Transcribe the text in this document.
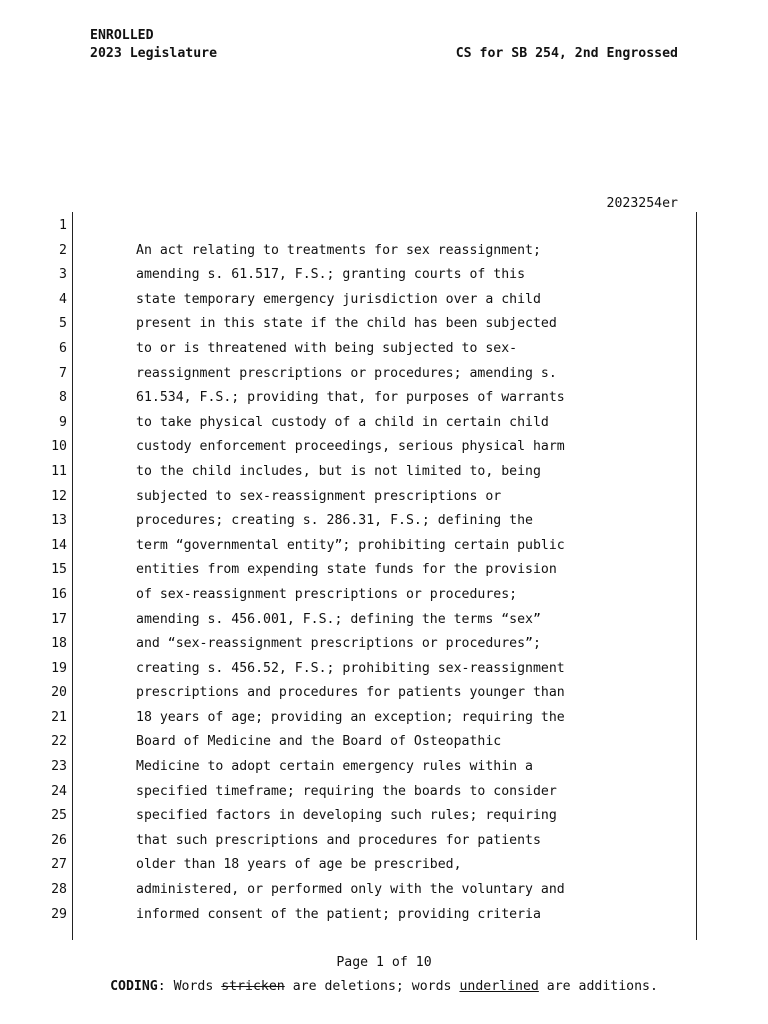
ENROLLED
2023 Legislature	CS for SB 254, 2nd Engrossed
2023254er
1
2	An act relating to treatments for sex reassignment;
3	amending s. 61.517, F.S.; granting courts of this
4	state temporary emergency jurisdiction over a child
5	present in this state if the child has been subjected
6	to or is threatened with being subjected to sex-
7	reassignment prescriptions or procedures; amending s.
8	61.534, F.S.; providing that, for purposes of warrants
9	to take physical custody of a child in certain child
10	custody enforcement proceedings, serious physical harm
11	to the child includes, but is not limited to, being
12	subjected to sex-reassignment prescriptions or
13	procedures; creating s. 286.31, F.S.; defining the
14	term “governmental entity”; prohibiting certain public
15	entities from expending state funds for the provision
16	of sex-reassignment prescriptions or procedures;
17	amending s. 456.001, F.S.; defining the terms “sex”
18	and “sex-reassignment prescriptions or procedures”;
19	creating s. 456.52, F.S.; prohibiting sex-reassignment
20	prescriptions and procedures for patients younger than
21	18 years of age; providing an exception; requiring the
22	Board of Medicine and the Board of Osteopathic
23	Medicine to adopt certain emergency rules within a
24	specified timeframe; requiring the boards to consider
25	specified factors in developing such rules; requiring
26	that such prescriptions and procedures for patients
27	older than 18 years of age be prescribed,
28	administered, or performed only with the voluntary and
29	informed consent of the patient; providing criteria
Page 1 of 10
CODING: Words stricken are deletions; words underlined are additions.
